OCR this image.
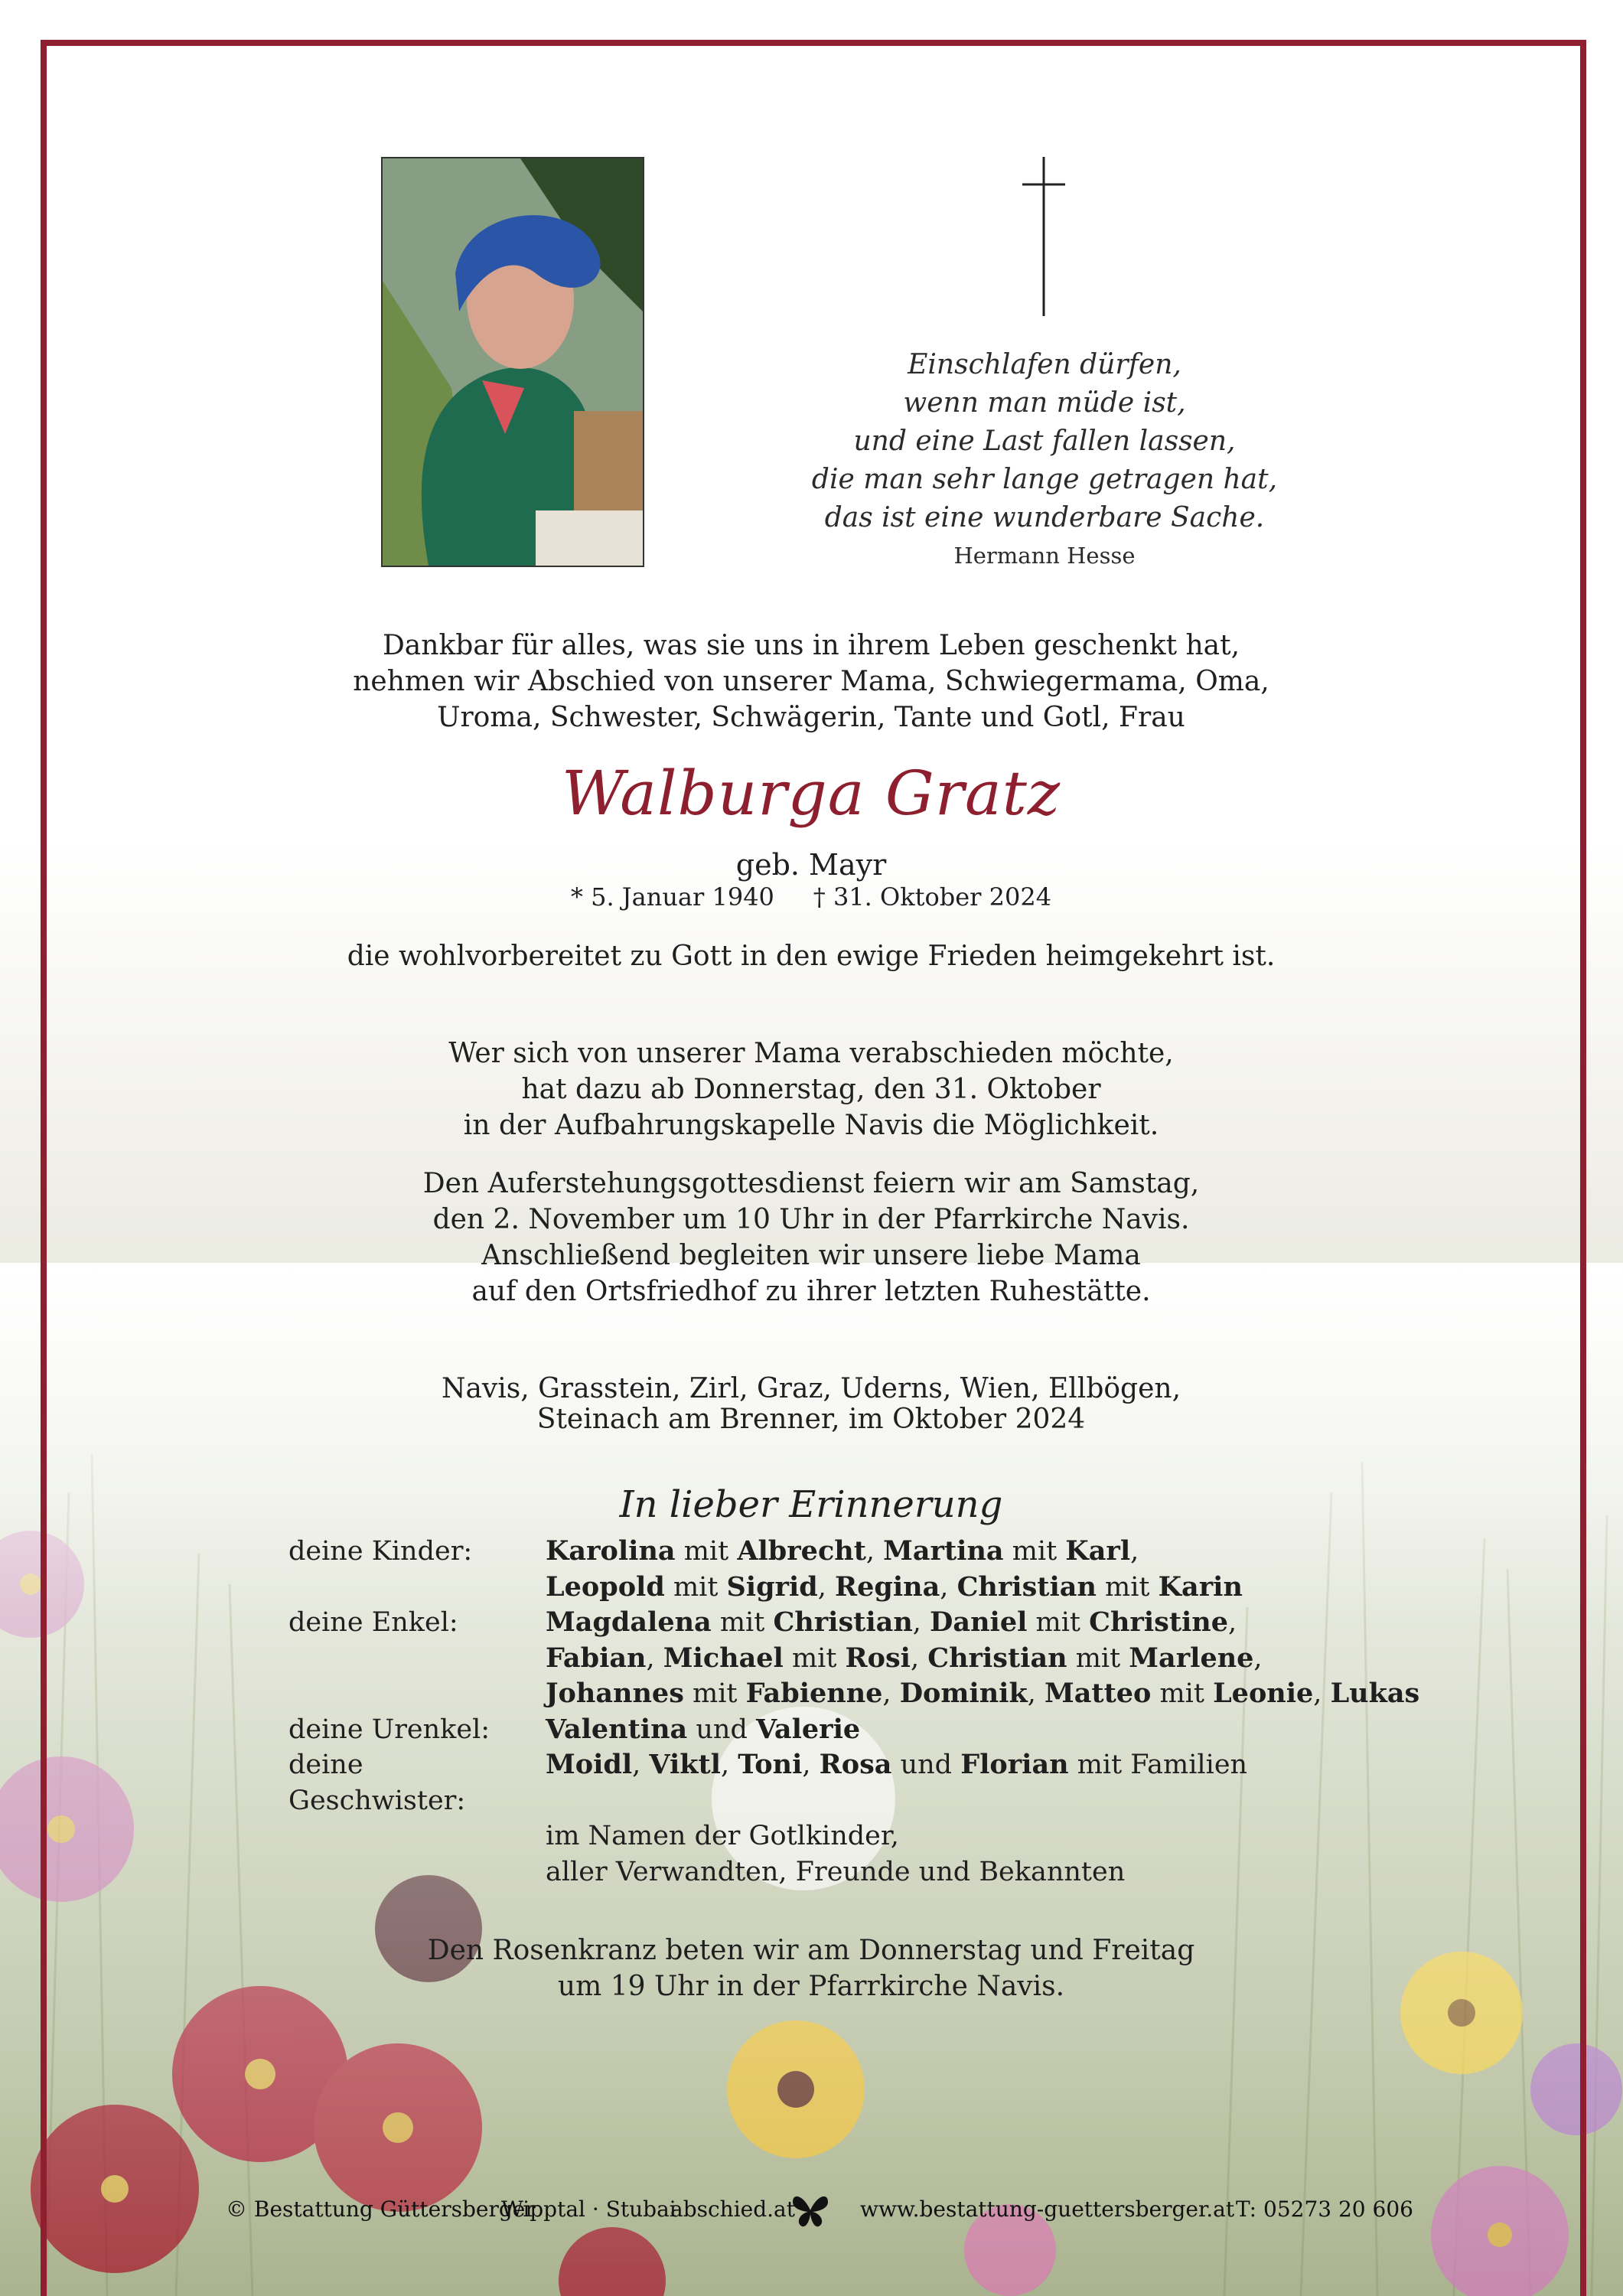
Einschlafen dürfen,
wenn man müde ist,
und eine Last fallen lassen,
die man sehr lange getragen hat,
das ist eine wunderbare Sache.
Hermann Hesse
Dankbar für alles, was sie uns in ihrem Leben geschenkt hat,
nehmen wir Abschied von unserer Mama, Schwiegermama, Oma,
Uroma, Schwester, Schwägerin, Tante und Gotl, Frau
Walburga Gratz
geb. Mayr
* 5. Januar 1940 † 31. Oktober 2024
die wohlvorbereitet zu Gott in den ewige Frieden heimgekehrt ist.
Wer sich von unserer Mama verabschieden möchte,
hat dazu ab Donnerstag, den 31. Oktober
in der Aufbahrungskapelle Navis die Möglichkeit.
Den Auferstehungsgottesdienst feiern wir am Samstag,
den 2. November um 10 Uhr in der Pfarrkirche Navis.
Anschließend begleiten wir unsere liebe Mama
auf den Ortsfriedhof zu ihrer letzten Ruhestätte.
Navis, Grasstein, Zirl, Graz, Uderns, Wien, Ellbögen,
Steinach am Brenner, im Oktober 2024
In lieber Erinnerung
deine Kinder:	Karolina mit Albrecht, Martina mit Karl,
Leopold mit Sigrid, Regina, Christian mit Karin
deine Enkel:	Magdalena mit Christian, Daniel mit Christine,
Fabian, Michael mit Rosi, Christian mit Marlene,
Johannes mit Fabienne, Dominik, Matteo mit Leonie, Lukas
deine Urenkel:	Valentina und Valerie
deine Geschwister:
Moidl, Viktl, Toni, Rosa und Florian mit Familien
im Namen der Gotlkinder,
aller Verwandten, Freunde und Bekannten
Den Rosenkranz beten wir am Donnerstag und Freitag
um 19 Uhr in der Pfarrkirche Navis.
© Bestattung Güttersberger
Wipptal · Stubai
abschied.at	www.bestattung-guettersberger.at T: 05273 20 606
